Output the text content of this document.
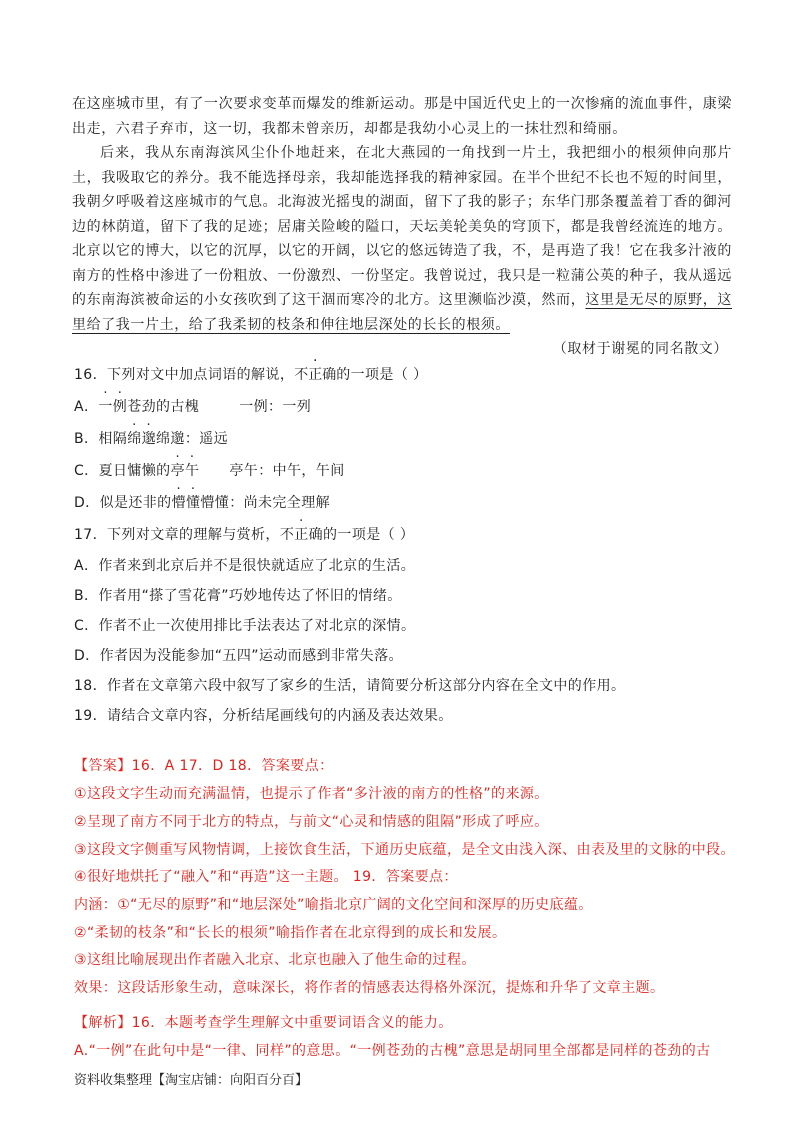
在这座城市里，有了一次要求变革而爆发的维新运动。那是中国近代史上的一次惨痛的流血事件，康梁出走，六君子弃市，这一切，我都未曾亲历，却都是我幼小心灵上的一抹壮烈和绮丽。
后来，我从东南海滨风尘仆仆地赶来，在北大燕园的一角找到一片土，我把细小的根须伸向那片土，我吸取它的养分。我不能选择母亲，我却能选择我的精神家园。在半个世纪不长也不短的时间里，我朝夕呼吸着这座城市的气息。北海波光摇曳的湖面，留下了我的影子；东华门那条覆盖着丁香的御河边的林荫道，留下了我的足迹；居庸关险峻的隘口，天坛美轮美奂的穹顶下，都是我曾经流连的地方。北京以它的博大，以它的沉厚，以它的开阔，以它的悠远铸造了我，不，是再造了我！它在我多汁液的南方的性格中渗进了一份粗放、一份激烈、一份坚定。我曾说过，我只是一粒蒲公英的种子，我从遥远的东南海滨被命运的小女孩吹到了这干涸而寒冷的北方。这里濒临沙漠，然而，这里是无尽的原野，这里给了我一片土，给了我柔韧的枝条和伸往地层深处的长长的根须。
（取材于谢冕的同名散文）
16．下列对文中加点词语的解说，不正确的一项是（ ）
A．一例苍劲的古槐	一例：一列
B．相隔绵邈绵邈：遥远
C．夏日慵懒的亭午 亭午：中午，午间
D．似是还非的懵懂懵懂：尚未完全理解
17．下列对文章的理解与赏析，不正确的一项是（ ）
A．作者来到北京后并不是很快就适应了北京的生活。
B．作者用“搽了雪花膏”巧妙地传达了怀旧的情绪。
C．作者不止一次使用排比手法表达了对北京的深情。
D．作者因为没能参加“五四”运动而感到非常失落。
18．作者在文章第六段中叙写了家乡的生活，请简要分析这部分内容在全文中的作用。
19．请结合文章内容，分析结尾画线句的内涵及表达效果。
【答案】16．A 17．D 18．答案要点：
①这段文字生动而充满温情，也提示了作者“多汁液的南方的性格”的来源。
②呈现了南方不同于北方的特点，与前文“心灵和情感的阻隔”形成了呼应。
③这段文字侧重写风物情调，上接饮食生活，下通历史底蕴，是全文由浅入深、由表及里的文脉的中段。
④很好地烘托了“融入”和“再造”这一主题。 19．答案要点：
内涵：①“无尽的原野”和“地层深处”喻指北京广阔的文化空间和深厚的历史底蕴。
②“柔韧的枝条”和“长长的根须”喻指作者在北京得到的成长和发展。
③这组比喻展现出作者融入北京、北京也融入了他生命的过程。
效果：这段话形象生动，意味深长，将作者的情感表达得格外深沉，提炼和升华了文章主题。
【解析】16．本题考查学生理解文中重要词语含义的能力。
A.“一例”在此句中是“一律、同样”的意思。“一例苍劲的古槐”意思是胡同里全部都是同样的苍劲的古
资料收集整理【淘宝店铺：向阳百分百】
